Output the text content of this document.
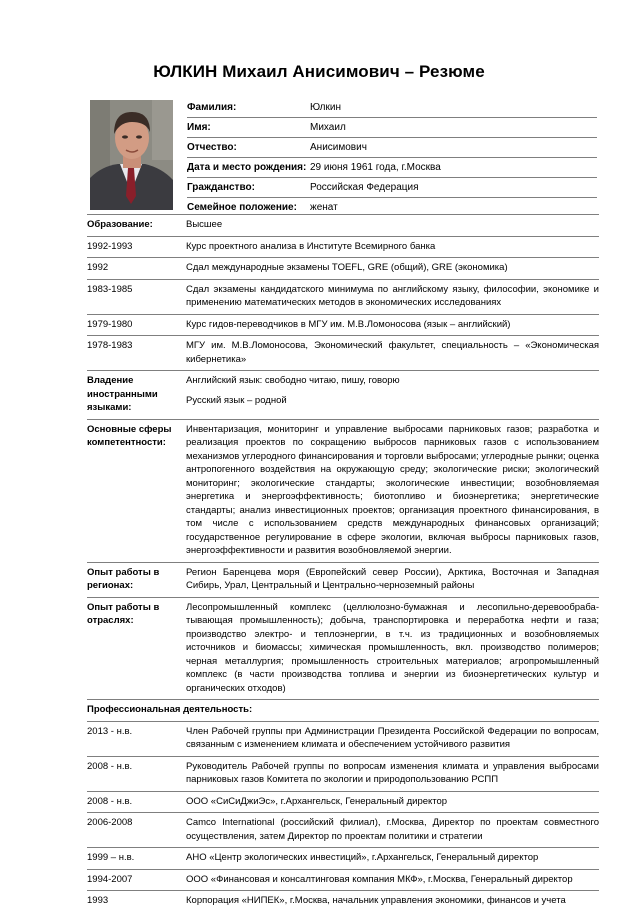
ЮЛКИН Михаил Анисимович – Резюме
Фамилия:	Юлкин
Имя:	Михаил
Отчество:	Анисимович
Дата и место рождения:	29 июня 1961 года, г.Москва
Гражданство:	Российская Федерация
Семейное положение:	женат
Образование:	Высшее
1992-1993	Курс проектного анализа в Институте Всемирного банка
1992	Сдал международные экзамены TOEFL, GRE (общий), GRE (экономика)
1983-1985	Сдал экзамены кандидатского минимума по английскому языку, философии, экономике и применению математических методов в экономических исследованиях
1979-1980	Курс гидов-переводчиков в МГУ им. М.В.Ломоносова (язык – английский)
1978-1983	МГУ им. М.В.Ломоносова, Экономический факультет, специальность – «Экономическая кибернетика»
Владение иностранными языками:	Английский язык: свободно читаю, пишу, говорю
Русский язык – родной

Основные сферы компетентности:	Инвентаризация, мониторинг и управление выбросами парниковых газов; разработка и реализация проектов по сокращению выбросов парниковых газов с использованием механизмов углеродного финансирования и торговли выбросами; углеродные рынки; оценка антропогенного воздействия на окружающую среду; экологические риски; экологический мониторинг; экологические стандарты; экологические инвестиции; возобновляемая энергетика и энергоэффективность; биотопливо и биоэнергетика; энергетические стандарты; анализ инвестиционных проектов; организация проектного финансирования, в том числе с использованием средств международных финансовых организаций; государственное регулирование в сфере экологии, включая выбросы парниковых газов, энергоэффективности и развития возобновляемой энергии.
Опыт работы в регионах:	Регион Баренцева моря (Европейский север России), Арктика, Восточная и Западная Сибирь, Урал, Центральный и Центрально-черноземный районы
Опыт работы в отраслях:	Лесопромышленный комплекс (целлюлозно-бумажная и лесопильно-деревообраба-тывающая промышленность); добыча, транспортировка и переработка нефти и газа; производство электро- и теплоэнергии, в т.ч. из традиционных и возобновляемых источников и биомассы; химическая промышленность, вкл. производство полимеров; черная металлургия; промышленность строительных материалов; агропромышленный комплекс (в части производства топлива и энергии из биоэнергетических культур и органических отходов)
Профессиональная деятельность:	
2013 - н.в.	Член Рабочей группы при Администрации Президента Российской Федерации по вопросам, связанным с изменением климата и обеспечением устойчивого развития
2008 - н.в.	Руководитель Рабочей группы по вопросам изменения климата и управления выбросами парниковых газов Комитета по экологии и природопользованию РСПП
2008 - н.в.	ООО «СиСиДжиЭс», г.Архангельск, Генеральный директор
2006-2008	Camco International (российский филиал), г.Москва, Директор по проектам совместного осуществления, затем Директор по проектам политики и стратегии
1999 – н.в.	АНО «Центр экологических инвестиций», г.Архангельск, Генеральный директор
1994-2007	ООО «Финансовая и консалтинговая компания МКФ», г.Москва, Генеральный директор
1993	Корпорация «НИПЕК», г.Москва, начальник управления экономики, финансов и учета
